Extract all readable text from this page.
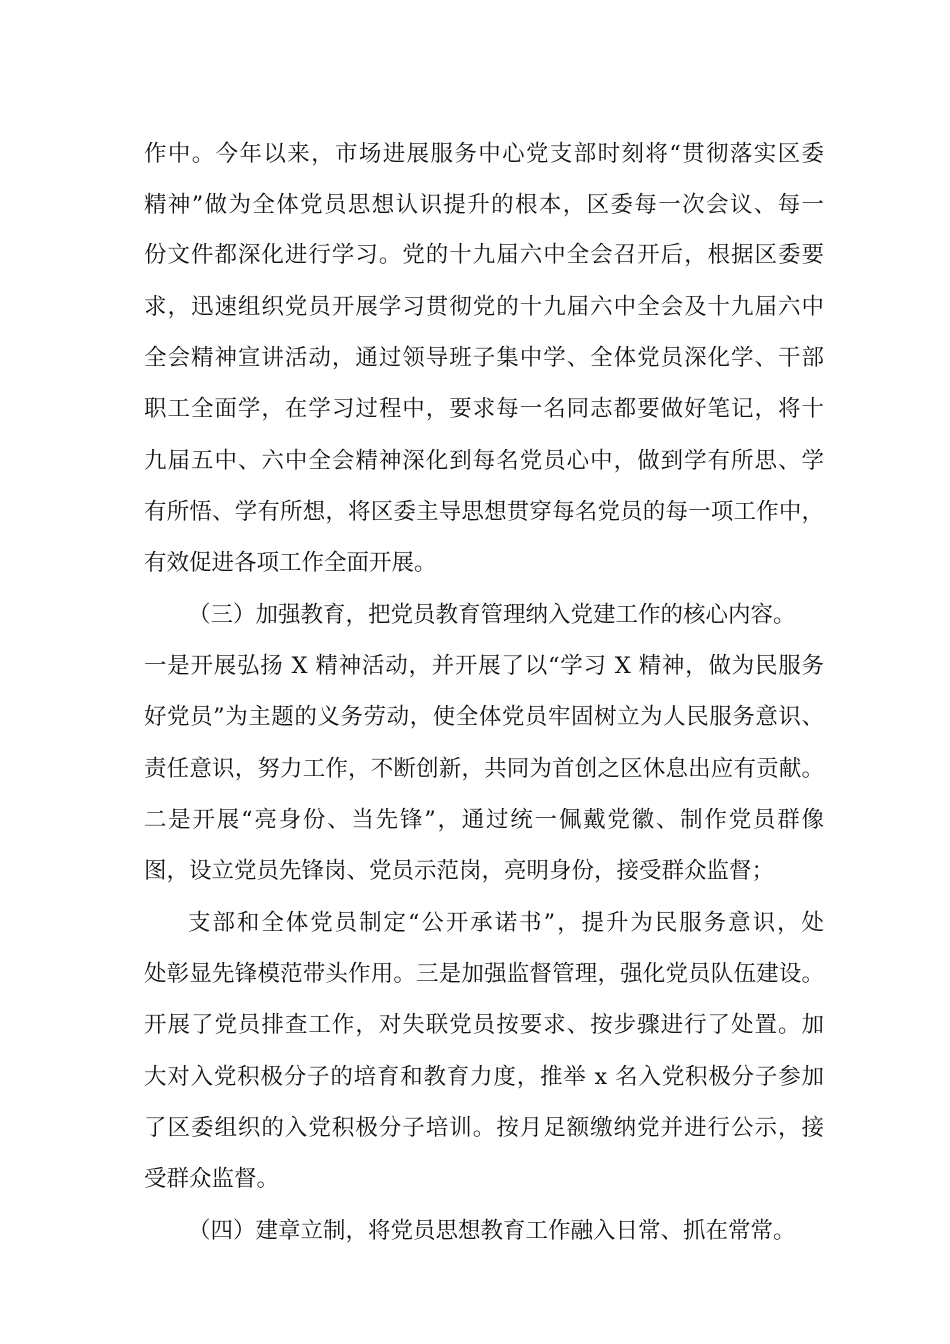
作中。今年以来，市场进展服务中心党支部时刻将“贯彻落实区委
精神”做为全体党员思想认识提升的根本，区委每一次会议、每一
份文件都深化进行学习。党的十九届六中全会召开后，根据区委要
求，迅速组织党员开展学习贯彻党的十九届六中全会及十九届六中
全会精神宣讲活动，通过领导班子集中学、全体党员深化学、干部
职工全面学，在学习过程中，要求每一名同志都要做好笔记，将十
九届五中、六中全会精神深化到每名党员心中，做到学有所思、学
有所悟、学有所想，将区委主导思想贯穿每名党员的每一项工作中，
有效促进各项工作全面开展。
（三）加强教育，把党员教育管理纳入党建工作的核心内容。
一是开展弘扬 X 精神活动，并开展了以“学习 X 精神，做为民服务
好党员”为主题的义务劳动，使全体党员牢固树立为人民服务意识、
责任意识，努力工作，不断创新，共同为首创之区休息出应有贡献。
二是开展“亮身份、当先锋”，通过统一佩戴党徽、制作党员群像
图，设立党员先锋岗、党员示范岗，亮明身份，接受群众监督；
支部和全体党员制定“公开承诺书”，提升为民服务意识，处
处彰显先锋模范带头作用。三是加强监督管理，强化党员队伍建设。
开展了党员排查工作，对失联党员按要求、按步骤进行了处置。加
大对入党积极分子的培育和教育力度，推举 x 名入党积极分子参加
了区委组织的入党积极分子培训。按月足额缴纳党并进行公示，接
受群众监督。
（四）建章立制，将党员思想教育工作融入日常、抓在常常。
